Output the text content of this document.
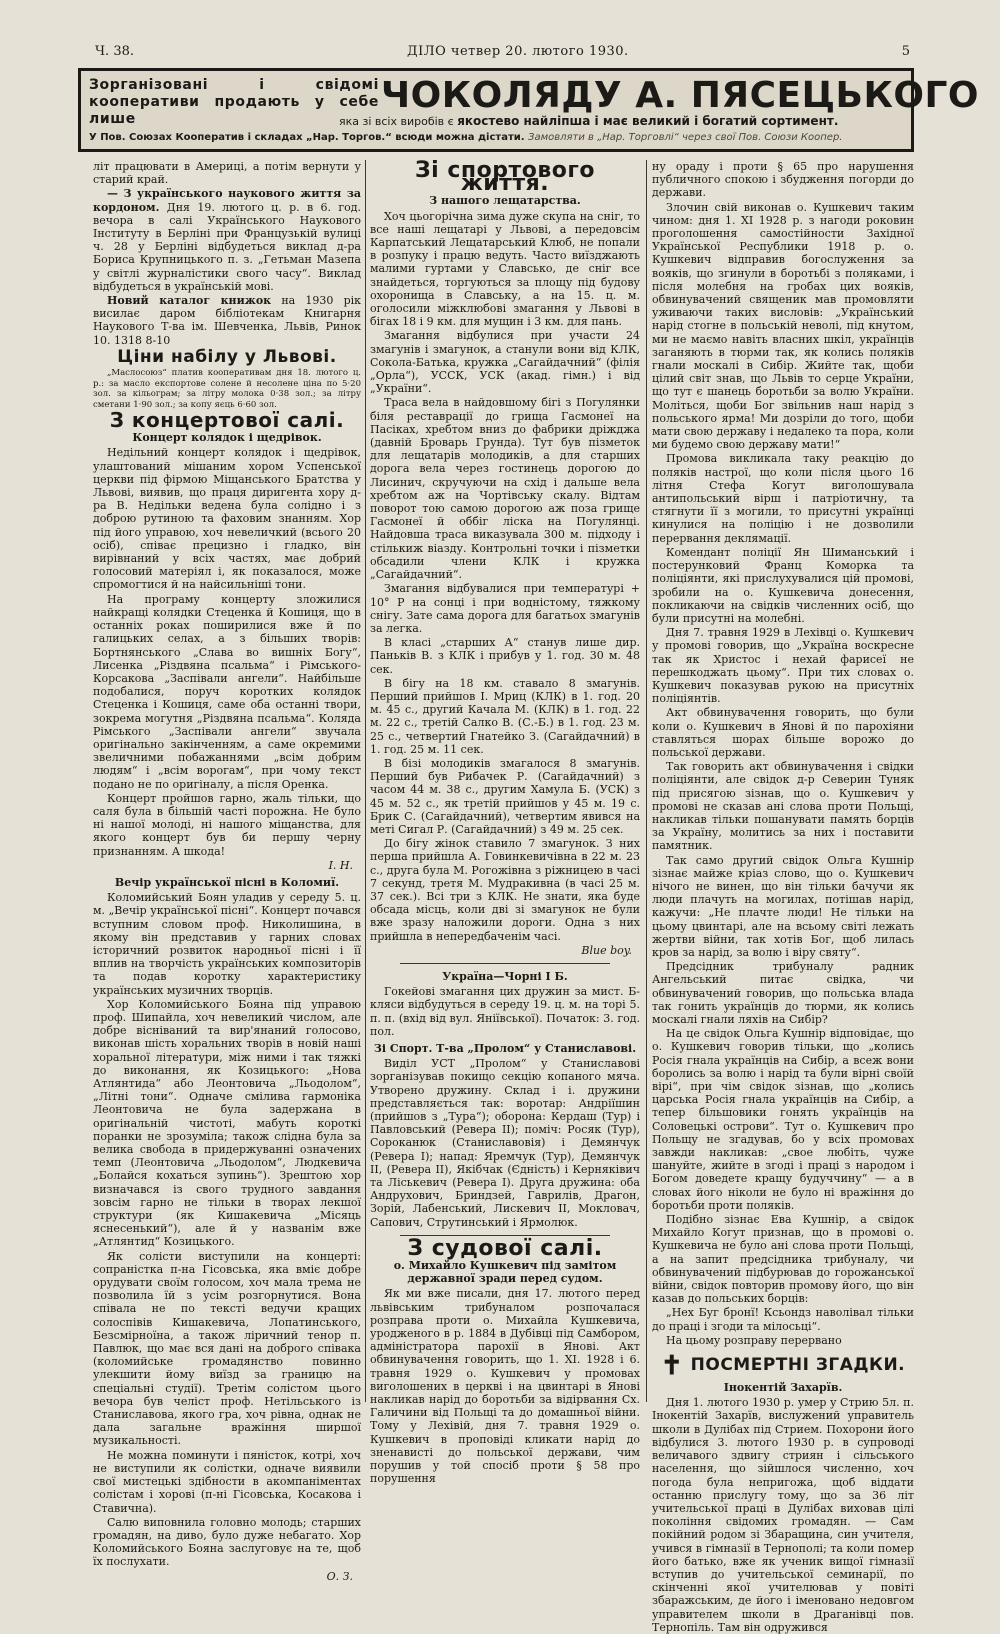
Ч. 38.	ДІЛО четвер 20. лютого 1930.	5
Зорганізовані і свідомі кооперативи продають у себе лише
ЧОКОЛЯДУ А. ПЯСЕЦЬКОГО
яка зі всіх виробів є якостево найліпша і має великий і богатий сортимент.
У Пов. Союзах Кооператив і складах „Нар. Торгов.“ всюди можна дістати. Замовляти в „Нар. Торговлі“ через свої Пов. Союзи Коопер.

літ працювати в Америці, а потім вернути у старий край.

— З українського наукового життя за кордоном. Дня 19. лютого ц. р. в 6. год. вечора в салі Українського Наукового Інституту в Берліні при Французькій вулиці ч. 28 у Берліні відбудеться виклад д-ра Бориса Крупницького п. з. „Гетьман Мазепа у світлі журналістики свого часу“. Виклад відбудеться в українській мові.

Новий каталог книжок на 1930 рік висилає даром бібліотекам Книгарня Наукового Т-ва ім. Шевченка, Львів, Ринок 10. 1318 8-10

Ціни набілу у Львові.

„Маслосоюз“ платив кооперативам дня 18. лютого ц. р.: за масло експортове солене й несолене ціна по 5·20 зол. за кільограм; за літру молока 0·38 зол.; за літру сметани 1·90 зол.; за копу яєць 6·60 зол.

З концертової салі.
Концерт колядок і щедрівок.

Недільний концерт колядок і щедрівок, улаштований мішаним хором Успенської церкви під фірмою Міщанського Братства у Львові, виявив, що праця диригента хору д-ра В. Недільки ведена була солідно і з доброю рутиною та фаховим знанням. Хор під його управою, хоч невеличкий (всього 20 осіб), співає прецизно і гладко, він вирівнаний у всіх частях, має добрий голосовий матеріял і, як показалося, може спромогтися й на найсильніші тони.

На програму концерту зложилися найкращі колядки Стеценка й Кошиця, що в останніх роках поширилися вже й по галицьких селах, а з більших творів: Бортнянського „Слава во вишніх Богу“, Лисенка „Різдвяна псальма“ і Рімського-Корсакова „Заспівали ангели“. Найбільше подобалися, поруч коротких колядок Стеценка і Кошиця, саме оба останні твори, зокрема могутня „Різдвяна псальма“. Коляда Рімського „Заспівали ангели“ звучала оригінально закінченням, а саме окремими звеличними побажаннями „всім добрим людям“ і „всім ворогам“, при чому текст подано не по оригіналу, а після Оренка.

Концерт пройшов гарно, жаль тільки, що саля була в більшій часті порожна. Не було ні нашої молоді, ні нашого міщанства, для якого концерт був би першу черну признанням. А шкода!

І. Н.
Вечір української пісні в Коломиї.

Коломийський Боян уладив у середу 5. ц. м. „Вечір української пісні“. Концерт почався вступним словом проф. Николишина, в якому він представив у гарних словах історичний розвиток народньої пісні і її вплив на творчість українських композиторів та подав коротку характеристику українських музичних творців.

Хор Коломийського Бояна під управою проф. Шипайла, хоч невеликий числом, але добре вісніваний та вир'янаний голосово, виконав шість хоральних творів в новій наші хоральної літератури, між ними і так тяжкі до виконання, як Козицького: „Нова Атлянтида“ або Леонтовича „Льодолом“, „Літні тони“. Одначе смілива гармоніка Леонтовича не була задержана в оригінальній чистоті, мабуть короткі поранки не зрозуміла; також слідна була за велика свобода в придержуванні означених темп (Леонтовича „Льодолом“, Людкевича „Болайся кохаться зупинь“). Зрештою хор визначався із свого трудного завдання зовсім гарно не тільки в творах лекшої структури (як Кишакевича „Місяць яснесенький“), але й у названім вже „Атлянтид“ Козицького.

Як солісти виступили на концерті: сопраністка п-на Гісовська, яка вміє добре орудувати своїм голосом, хоч мала трема не позволила їй з усім розгорнутися. Вона співала не по тексті ведучи кращих солоспівів Кишакевича, Лопатинського, Безсмірноїна, а також ліричний тенор п. Павлюк, що має вся дані на доброго співака (коломийське громадянство повинно улекшити йому виїзд за границю на спеціальні студії). Третім солістом цього вечора був челіст проф. Нетільського із Станиславова, якого гра, хоч рівна, однак не дала загальне вражіння ширшої музикальності.

Не можна поминути і пяністок, котрі, хоч не виступили як солістки, одначе виявили свої мистецькі здібности в акомпаніментах солістам і хорові (п-ні Гісовська, Косакова і Ставична).

Салю виповнила головно молодь; старших громадян, на диво, було дуже небагато. Хор Коломийського Бояна заслуговує на те, щоб їх послухати.

О. З.
Зі спортового життя.
З нашого лещатарства.

Хоч цьогорічна зима дуже скупа на сніг, то все наші лещатарі у Львові, а передовсім Карпатський Лещатарський Клюб, не попали в розпуку і працю ведуть. Часто виїзджають малими гуртами у Славсько, де сніг все знайдеться, торгуються за площу під будову охоронища в Славську, а на 15. ц. м. оголосили міжклюбові змагання у Львові в бігах 18 і 9 км. для мущин і 3 км. для пань.

Змагання відбулися при участи 24 змагунів і змагунок, а станули вони від КЛК, Сокола-Батька, кружка „Сагайдачний“ (філія „Орла“), УССК, УСК (акад. гімн.) і від „України“.

Траса вела в найдовшому бігі з Погулянки біля реставрації до грища Гасмонеї на Пасіках, хребтом вниз до фабрики дріжджа (давній Броварь Грунда). Тут був пізметок для лещатарів молодиків, а для старших дорога вела через гостинець дорогою до Лисинич, скручуючи на схід і дальше вела хребтом аж на Чортівську скалу. Відтам поворот тою самою дорогою аж поза грище Гасмонеї й оббіг ліска на Погулянці. Найдовша траса виказувала 300 м. підходу і стількиж віазду. Контрольні точки і пізметки обсадили члени КЛК і кружка „Сагайдачний“.

Змагання відбувалися при температурі + 10° Р на сонці і при водністому, тяжкому снігу. Зате сама дорога для багатьох змагунів за легка.

В класі „старших А“ станув лише дир. Паньків В. з КЛК і прибув у 1. год. 30 м. 48 сек.

В бігу на 18 км. ставало 8 змагунів. Перший прийшов І. Мриц (КЛК) в 1. год. 20 м. 45 с., другий Качала М. (КЛК) в 1. год. 22 м. 22 с., третій Салко В. (С.-Б.) в 1. год. 23 м. 25 с., четвертий Гнатейко З. (Сагайдачний) в 1. год. 25 м. 11 сек.

В бізі молодиків змагалося 8 змагунів. Перший був Рибачек Р. (Сагайдачний) з часом 44 м. 38 с., другим Хамула Б. (УСК) з 45 м. 52 с., як третій прийшов у 45 м. 19 с. Брик С. (Сагайдачний), четвертим явився на меті Сигал Р. (Сагайдачний) з 49 м. 25 сек.

До бігу жінок ставило 7 змагунок. З них перша прийшла А. Говинкевичівна в 22 м. 23 с., друга була М. Рогожівна з ріжницею в часі 7 секунд, третя М. Мудракивна (в часі 25 м. 37 сек.). Всі три з КЛК. Не знати, яка буде обсада місць, коли дві зі змагунок не були вже зразу наложили дороги. Одна з них прийшла в непередбаченім часі.

Blue boy.
Україна—Чорні І Б.

Гокейові змагання цих дружин за мист. Б-кляси відбудуться в середу 19. ц. м. на торі 5. п. п. (вхід від вул. Яніївської). Початок: 3. год. пол.

Зі Спорт. Т-ва „Пролом“ у Станиславові.

Виділ УСТ „Пролом“ у Станиславові зорганізував покищо секцію копаного мяча. Утворено дружину. Склад і і. дружини представляється так: воротар: Андріїшин (прийшов з „Тура“); оборона: Кердаш (Тур) і Павловський (Ревера ІІ); поміч: Росяк (Тур), Сороканюк (Станиславовія) і Демянчук (Ревера І); напад: Яремчук (Тур), Демянчук ІІ, (Ревера ІІ), Якібчак (Єдність) і Керняківич та Ліськевич (Ревера І). Друга дружина: оба Андрухович, Бриндзей, Гаврилів, Драгон, Зорій, Лабенський, Лискевич ІІ, Мокловач, Сапович, Струтинський і Ярмолюк.

З судової салі.
о. Михайло Кушкевич під замітом державної зради перед судом.

Як ми вже писали, дня 17. лютого перед львівським трибуналом розпочалася розправа проти о. Михайла Кушкевича, уродженого в р. 1884 в Дубівці під Самбором, адміністратора парохії в Янові. Акт обвинувачення говорить, що 1. ХІ. 1928 і 6. травня 1929 о. Кушкевич у промовах виголошених в церкві і на цвинтарі в Янові накликав нарід до боротьби за відірвання Сх. Галичини від Польщі та до домашньої війни. Тому у Лехівій, дня 7. травня 1929 о. Кушкевич в проповіді кликати нарід до зненависті до польської держави, чим порушив у той спосіб проти § 58 про порушення

ну ораду і проти § 65 про нарушення публичного спокою і збудження погорди до держави.

Злочин свій виконав о. Кушкевич таким чином: дня 1. ХІ 1928 р. з нагоди роковин проголошення самостійности Західної Української Республики 1918 р. о. Кушкевич відправив богослуження за вояків, що згинули в боротьбі з поляками, і після молебня на гробах цих вояків, обвинувачений священик мав промовляти уживаючи таких висловів: „Український нарід стогне в польській неволі, під кнутом, ми не маємо навіть власних шкіл, українців заганяють в тюрми так, як колись поляків гнали москалі в Сибір. Жийте так, щоби цілий світ знав, що Львів то серце України, що тут є шанець боротьби за волю України. Моліться, щоби Бог звільнив наш нарід з польського ярма! Ми дозріли до того, щоби мати свою державу і недалеко та пора, коли ми будемо свою державу мати!“

Промова викликала таку реакцію до поляків настрої, що коли після цього 16 літня Стефа Когут виголошувала антипольський вірш і патріотичну, та стягнути її з могили, то присутні українці кинулися на поліцію і не дозволили перервання деклямації.

Комендант поліції Ян Шиманський і постерунковий Франц Коморка та поліціянти, які прислухувалися цій промові, зробили на о. Кушкевича донесення, покликаючи на свідків численних осіб, що були присутні на молебні.

Дня 7. травня 1929 в Лехівці о. Кушкевич у промові говорив, що „Україна воскресне так як Христос і нехай фарисеї не перешкоджать цьому“. При тих словах о. Кушкевич показував рукою на присутніх поліціянтів.

Акт обвинувачення говорить, що були коли о. Кушкевич в Янові й по парохіяни ставляться шорах більше ворожо до польської держави.

Так говорить акт обвинувачення і свідки поліціянти, але свідок д-р Северин Туняк під присягою зізнав, що о. Кушкевич у промові не сказав ані слова проти Польщі, накликав тільки пошанувати память борців за Україну, молитись за них і поставити памятник.

Так само другий свідок Ольга Кушнір зізнає майже кріаз слово, що о. Кушкевич нічого не винен, що він тільки бачучи як люди плачуть на могилах, потішав нарід, кажучи: „Не плачте люди! Не тільки на цьому цвинтарі, але на всьому світі лежать жертви війни, так хотів Бог, щоб лилась кров за нарід, за волю і віру святу“.

Предсідник трибуналу радник Ангельський питає свідка, чи обвинувачений говорив, що польська влада так гонить українців до тюрми, як колись москалі гнали ляхів на Сибір?

На це свідок Ольга Кушнір відповідає, що о. Кушкевич говорив тільки, що „колись Росія гнала українців на Сибір, а всеж вони боролись за волю і нарід та були вірні своїй вірі“, при чім свідок зізнав, що „колись царська Росія гнала українців на Сибір, а тепер більшовики гонять українців на Соловецькі острови“. Тут о. Кушкевич про Польщу не згадував, бо у всіх промовах завжди накликав: „свое любіть, чуже шануйте, жийте в згоді і праці з народом і Богом доведете кращу будуччину“ — а в словах його ніколи не було ні вражіння до боротьби проти поляків.

Подібно зізнає Ева Кушнір, а свідок Михайло Когут признав, що в промові о. Кушкевича не було ані слова проти Польщі, а на запит предсідника трибуналу, чи обвинувачений підбурював до горожанської війни, свідок повторив промову його, що він казав до польських борців:

„Нех Буг бронї! Ксьондз наволівал тільки до праці і згоди та мілосьці“.

На цьому розправу перервано

✝ ПОСМЕРТНІ ЗГАДКИ.
Інокентій Захарїв.

Дня 1. лютого 1930 р. умер у Стрию 5л. п. Інокентій Захарїв, вислужений управитель школи в Дулібах під Стрием. Похорони його відбулися 3. лютого 1930 р. в супроводі величавого здвигу стриян і сільського населення, що зійшлося численно, хоч погода була непригожа, щоб віддати останню прислугу тому, що за 36 літ учительської праці в Дулібах виховав цілі покоління свідомих громадян. — Сам покійний родом зі Збаращина, син учителя, учився в гімназії в Тернополі; та коли помер його батько, вже як ученик вищої гімназії вступив до учительської семинарії, по скінченні якої учителював у повіті збаражським, де його і іменовано недовгом управителем школи в Драганівці пов. Тернопіль. Там він одружився
